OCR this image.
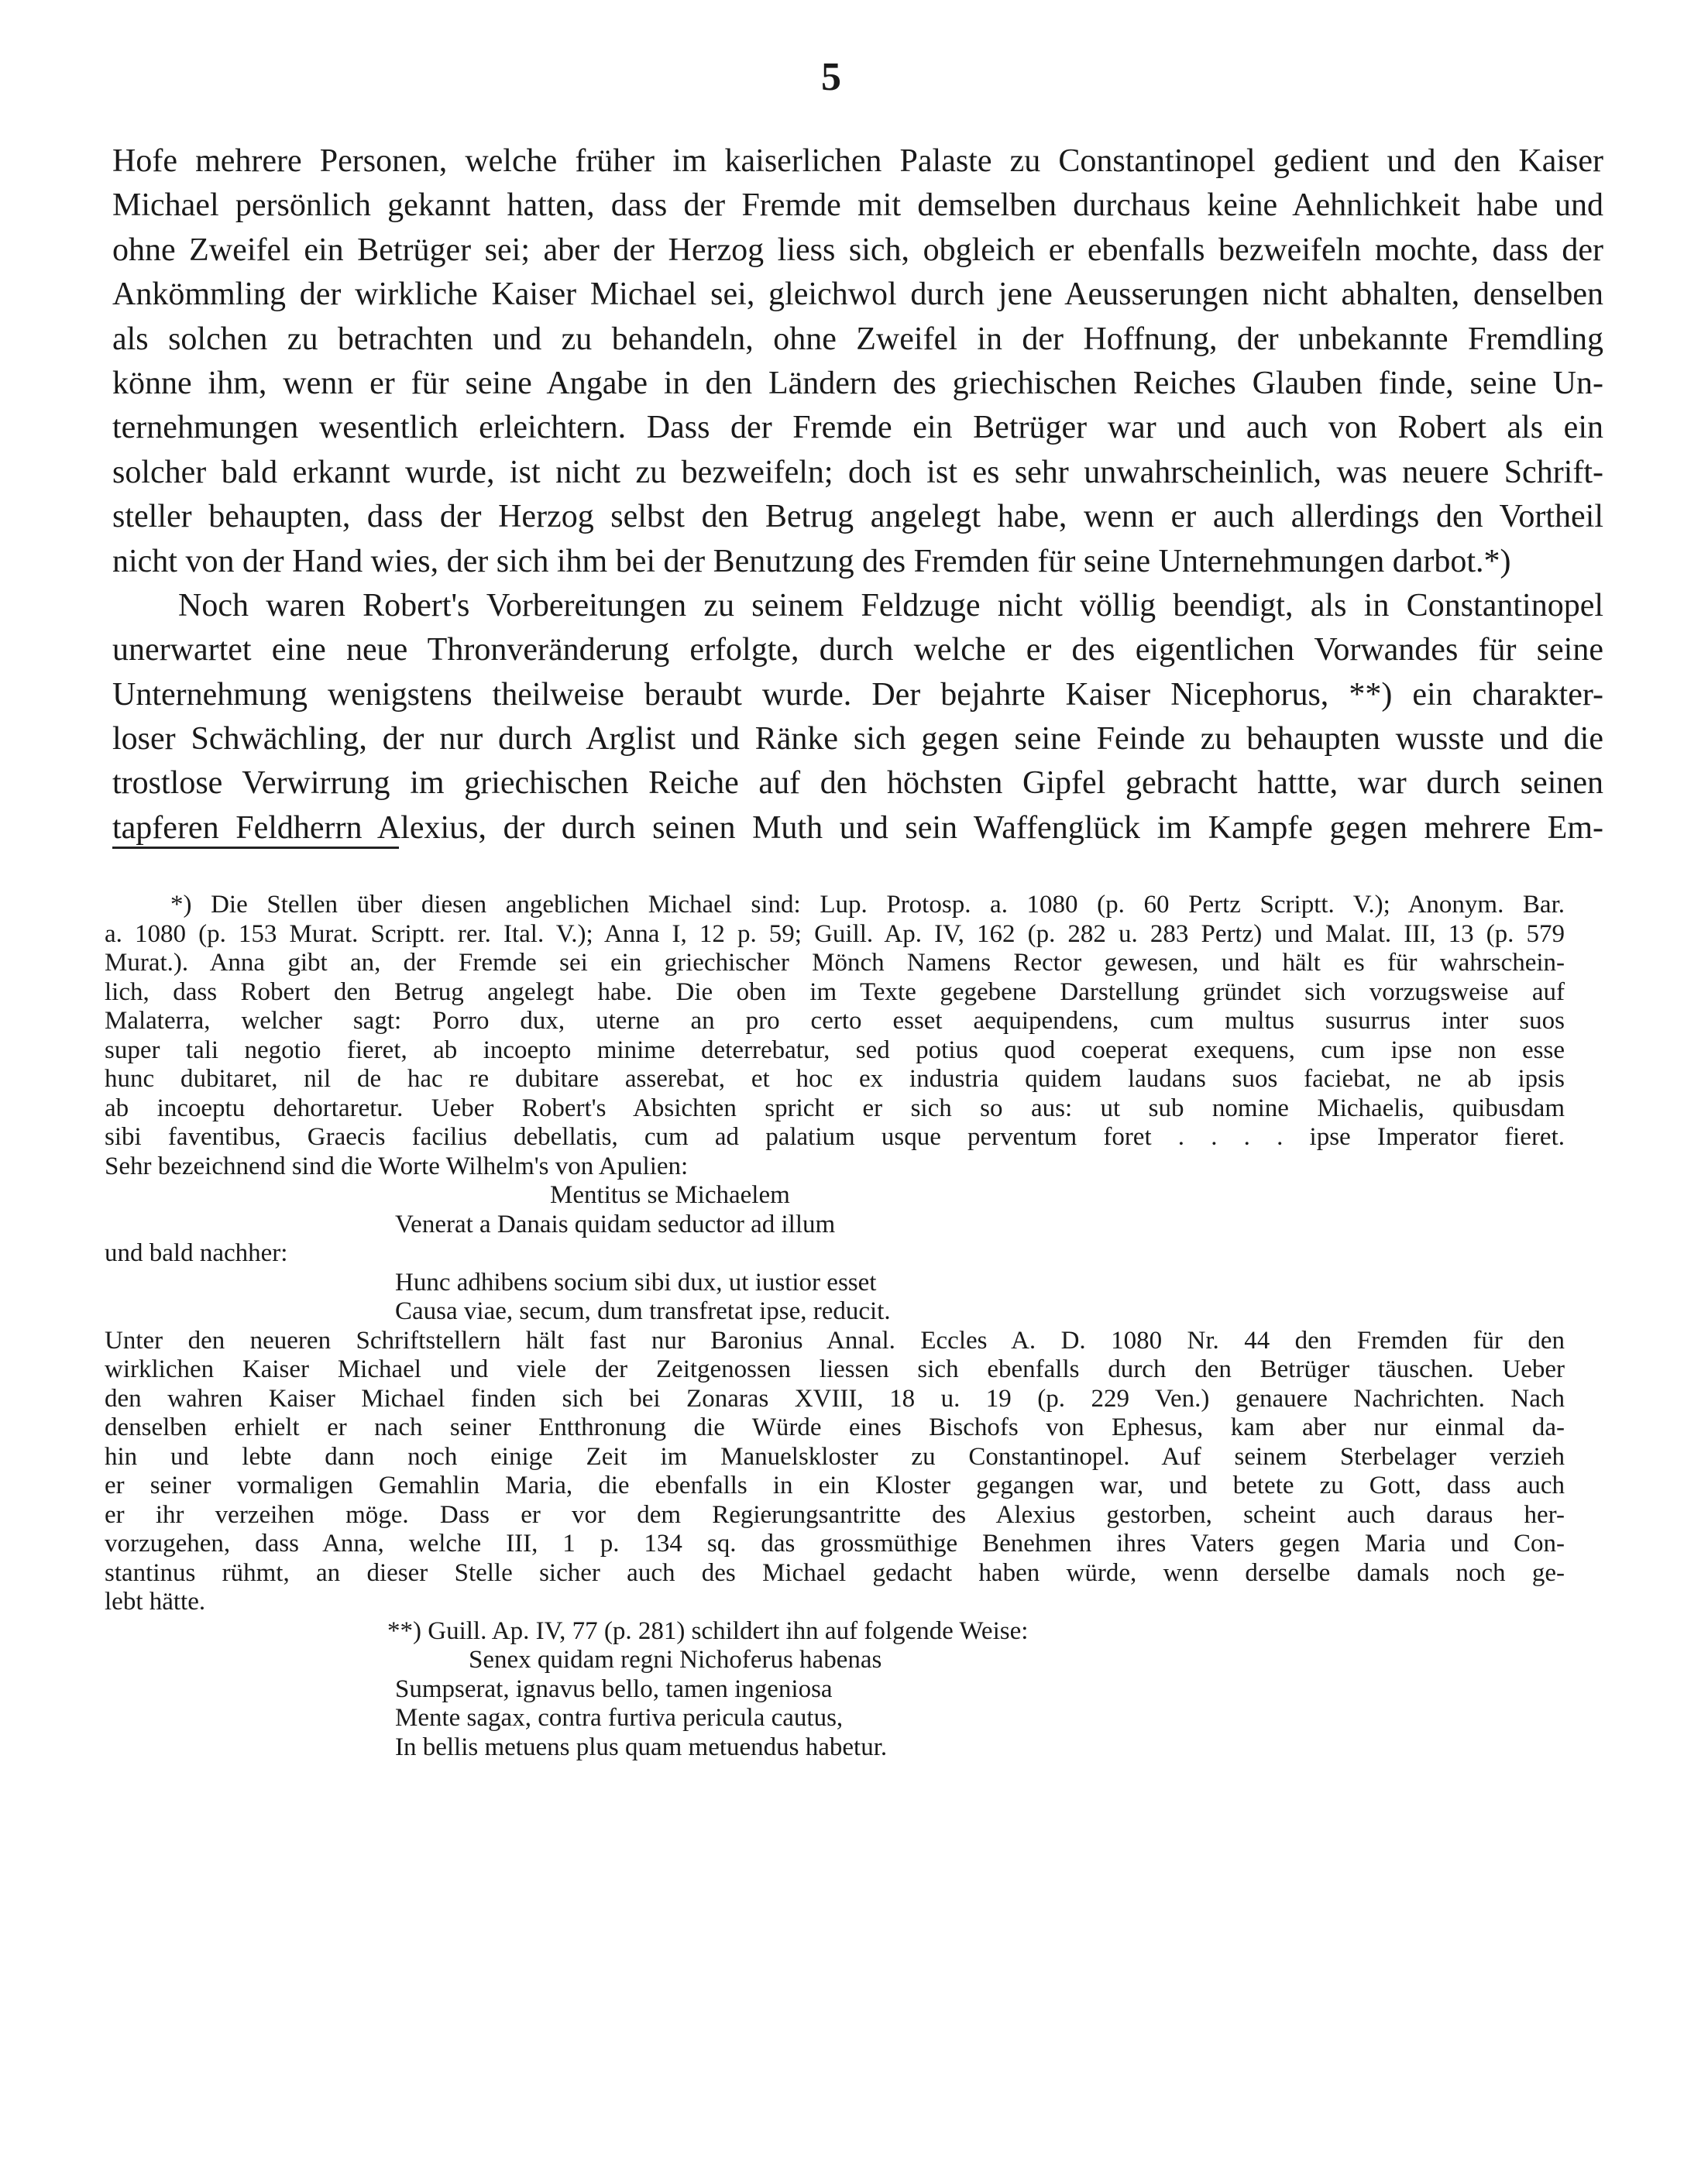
5
Hofe mehrere Personen, welche früher im kaiserlichen Palaste zu Constantinopel gedient und den Kaiser
Michael persönlich gekannt hatten, dass der Fremde mit demselben durchaus keine Aehnlichkeit habe und
ohne Zweifel ein Betrüger sei; aber der Herzog liess sich, obgleich er ebenfalls bezweifeln mochte, dass der
Ankömmling der wirkliche Kaiser Michael sei, gleichwol durch jene Aeusserungen nicht abhalten, denselben
als solchen zu betrachten und zu behandeln, ohne Zweifel in der Hoffnung, der unbekannte Fremdling
könne ihm, wenn er für seine Angabe in den Ländern des griechischen Reiches Glauben finde, seine Un-
ternehmungen wesentlich erleichtern. Dass der Fremde ein Betrüger war und auch von Robert als ein
solcher bald erkannt wurde, ist nicht zu bezweifeln; doch ist es sehr unwahrscheinlich, was neuere Schrift-
steller behaupten, dass der Herzog selbst den Betrug angelegt habe, wenn er auch allerdings den Vortheil
nicht von der Hand wies, der sich ihm bei der Benutzung des Fremden für seine Unternehmungen darbot.*)
Noch waren Robert's Vorbereitungen zu seinem Feldzuge nicht völlig beendigt, als in Constantinopel
unerwartet eine neue Thronveränderung erfolgte, durch welche er des eigentlichen Vorwandes für seine
Unternehmung wenigstens theilweise beraubt wurde. Der bejahrte Kaiser Nicephorus, **) ein charakter-
loser Schwächling, der nur durch Arglist und Ränke sich gegen seine Feinde zu behaupten wusste und die
trostlose Verwirrung im griechischen Reiche auf den höchsten Gipfel gebracht hattte, war durch seinen
tapferen Feldherrn Alexius, der durch seinen Muth und sein Waffenglück im Kampfe gegen mehrere Em-
*) Die Stellen über diesen angeblichen Michael sind: Lup. Protosp. a. 1080 (p. 60 Pertz Scriptt. V.); Anonym. Bar.
a. 1080 (p. 153 Murat. Scriptt. rer. Ital. V.); Anna I, 12 p. 59; Guill. Ap. IV, 162 (p. 282 u. 283 Pertz) und Malat. III, 13 (p. 579
Murat.). Anna gibt an, der Fremde sei ein griechischer Mönch Namens Rector gewesen, und hält es für wahrschein-
lich, dass Robert den Betrug angelegt habe. Die oben im Texte gegebene Darstellung gründet sich vorzugsweise auf
Malaterra, welcher sagt: Porro dux, uterne an pro certo esset aequipendens, cum multus susurrus inter suos
super tali negotio fieret, ab incoepto minime deterrebatur, sed potius quod coeperat exequens, cum ipse non esse
hunc dubitaret, nil de hac re dubitare asserebat, et hoc ex industria quidem laudans suos faciebat, ne ab ipsis
ab incoeptu dehortaretur. Ueber Robert's Absichten spricht er sich so aus: ut sub nomine Michaelis, quibusdam
sibi faventibus, Graecis facilius debellatis, cum ad palatium usque perventum foret . . . . ipse Imperator fieret.
Sehr bezeichnend sind die Worte Wilhelm's von Apulien:
Mentitus se Michaelem
Venerat a Danais quidam seductor ad illum
und bald nachher:
Hunc adhibens socium sibi dux, ut iustior esset
Causa viae, secum, dum transfretat ipse, reducit.
Unter den neueren Schriftstellern hält fast nur Baronius Annal. Eccles A. D. 1080 Nr. 44 den Fremden für den
wirklichen Kaiser Michael und viele der Zeitgenossen liessen sich ebenfalls durch den Betrüger täuschen. Ueber
den wahren Kaiser Michael finden sich bei Zonaras XVIII, 18 u. 19 (p. 229 Ven.) genauere Nachrichten. Nach
denselben erhielt er nach seiner Entthronung die Würde eines Bischofs von Ephesus, kam aber nur einmal da-
hin und lebte dann noch einige Zeit im Manuelskloster zu Constantinopel. Auf seinem Sterbelager verzieh
er seiner vormaligen Gemahlin Maria, die ebenfalls in ein Kloster gegangen war, und betete zu Gott, dass auch
er ihr verzeihen möge. Dass er vor dem Regierungsantritte des Alexius gestorben, scheint auch daraus her-
vorzugehen, dass Anna, welche III, 1 p. 134 sq. das grossmüthige Benehmen ihres Vaters gegen Maria und Con-
stantinus rühmt, an dieser Stelle sicher auch des Michael gedacht haben würde, wenn derselbe damals noch ge-
lebt hätte.
**) Guill. Ap. IV, 77 (p. 281) schildert ihn auf folgende Weise:
Senex quidam regni Nichoferus habenas
Sumpserat, ignavus bello, tamen ingeniosa
Mente sagax, contra furtiva pericula cautus,
In bellis metuens plus quam metuendus habetur.
